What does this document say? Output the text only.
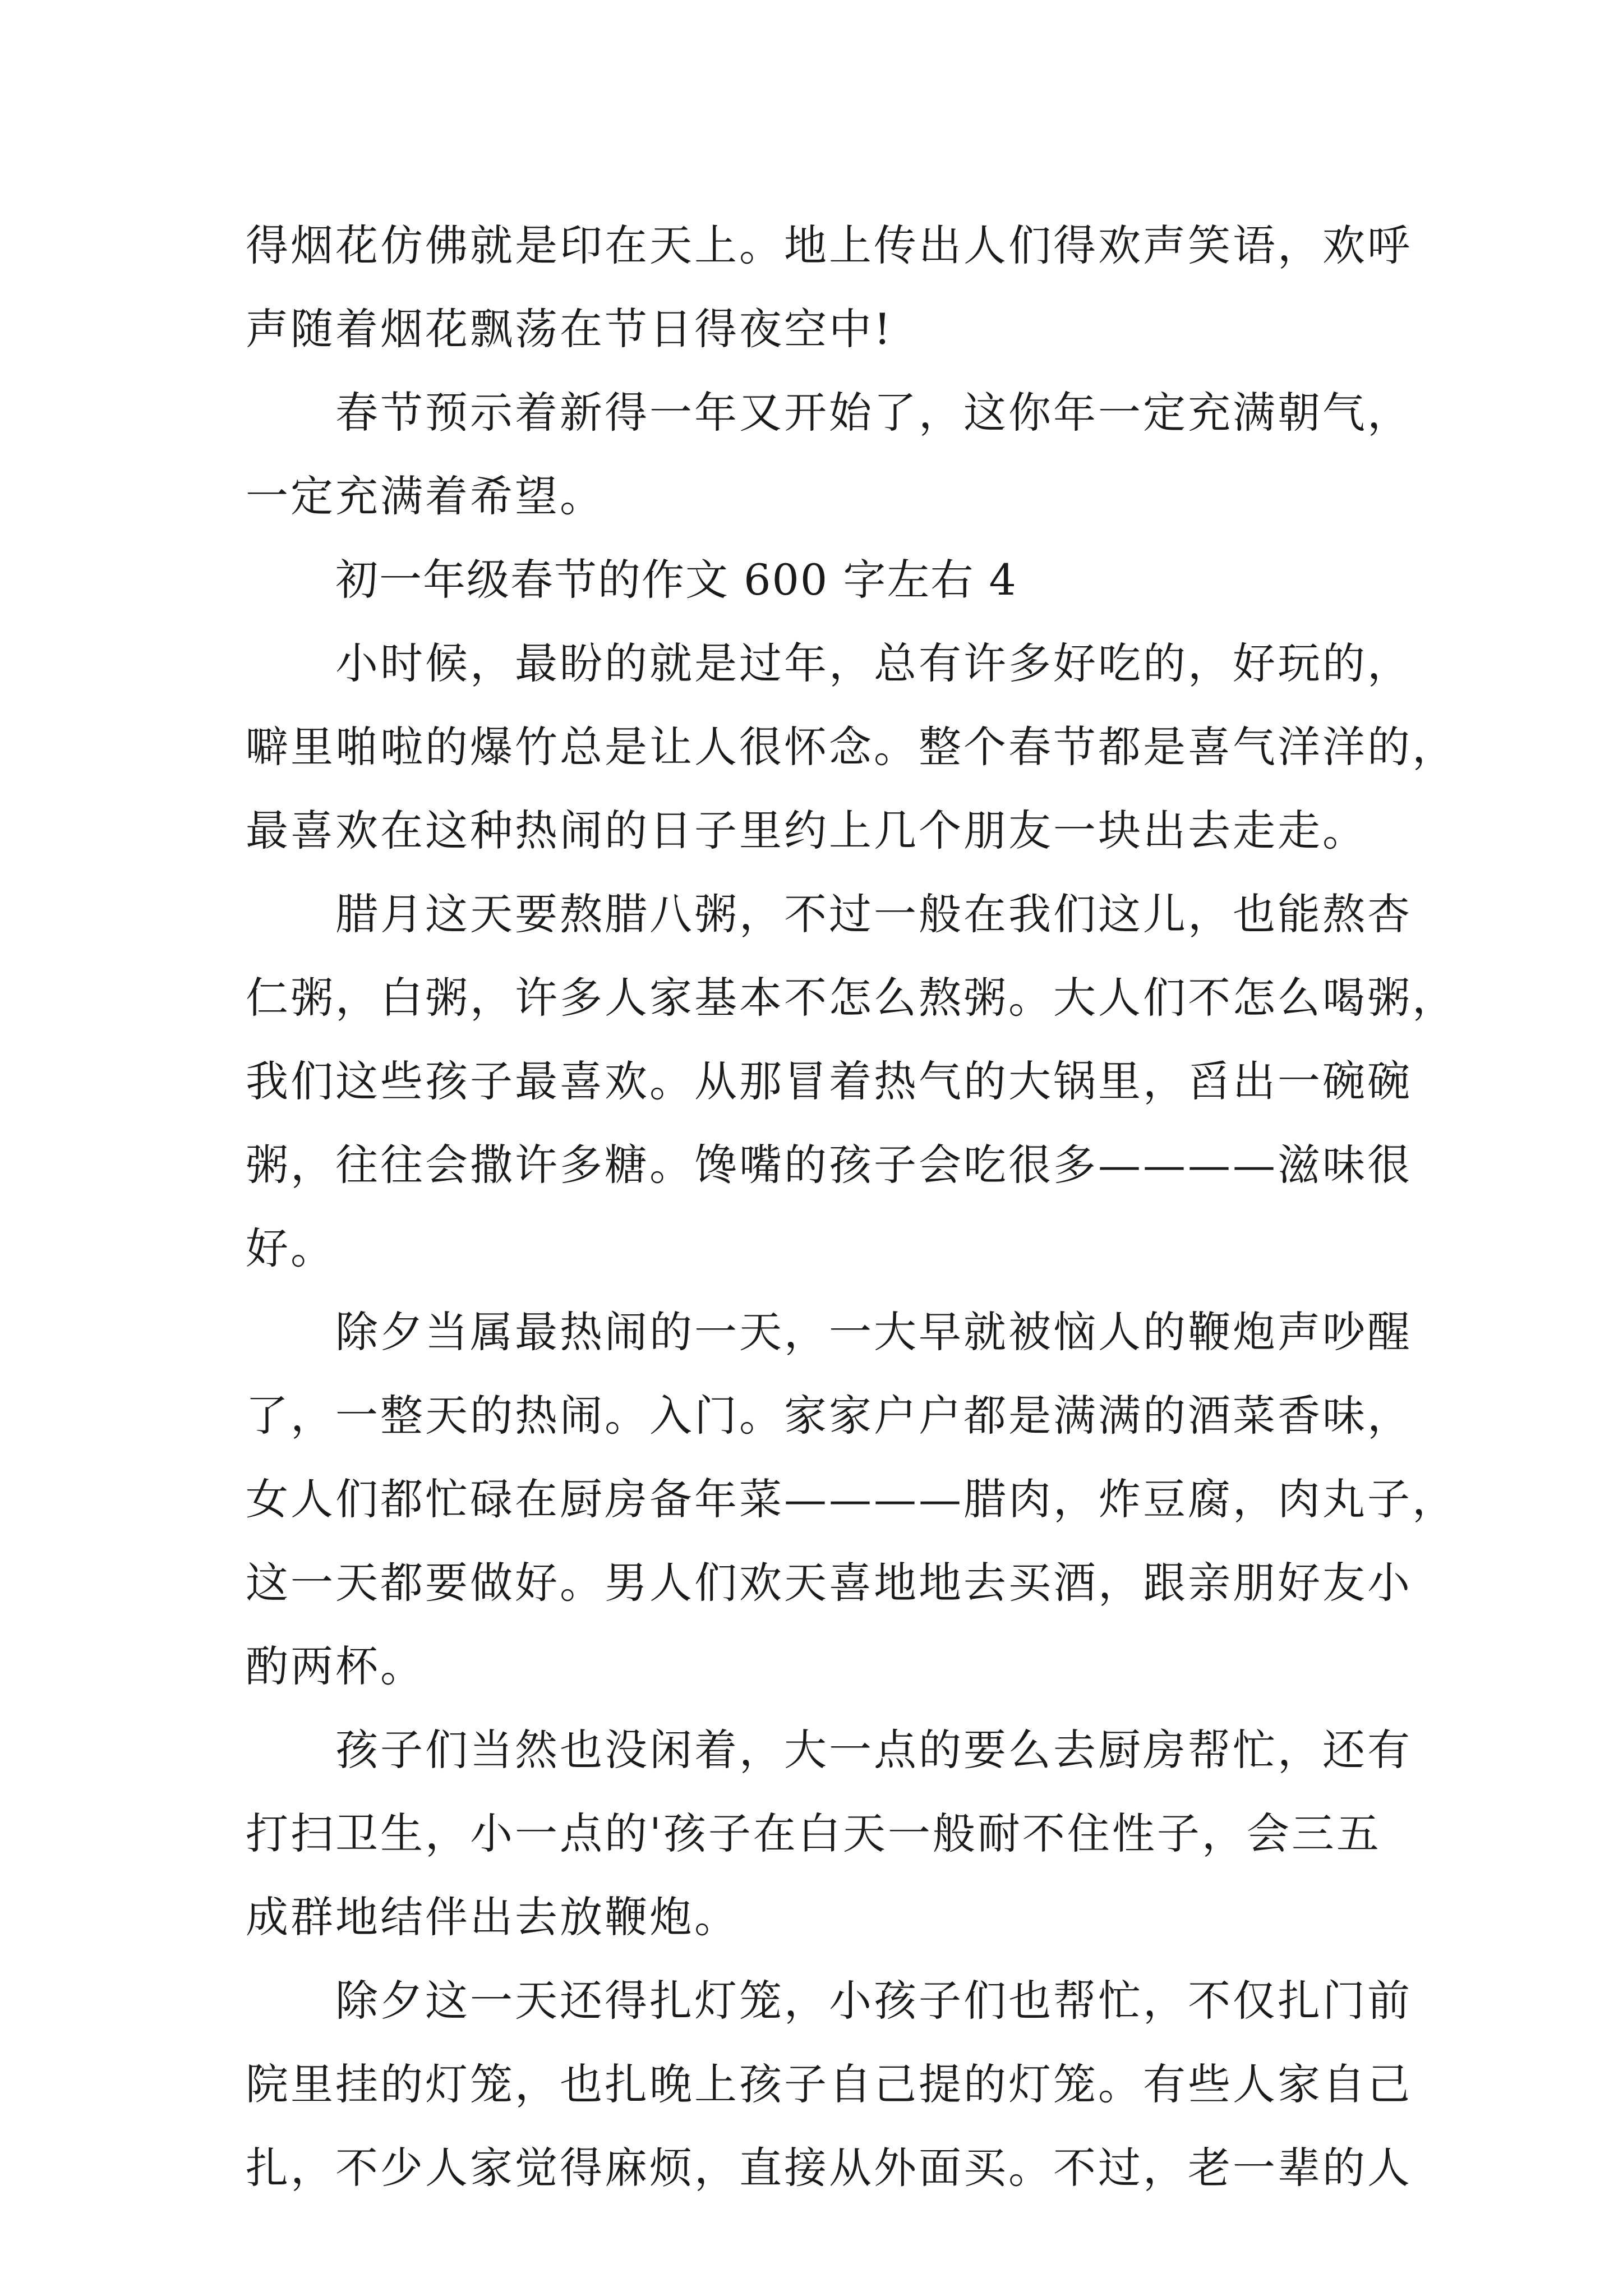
得烟花仿佛就是印在天上。地上传出人们得欢声笑语，欢呼
声随着烟花飘荡在节日得夜空中!
春节预示着新得一年又开始了，这你年一定充满朝气，
一定充满着希望。
初一年级春节的作文 600 字左右 4
小时候，最盼的就是过年，总有许多好吃的，好玩的，
噼里啪啦的爆竹总是让人很怀念。整个春节都是喜气洋洋的，
最喜欢在这种热闹的日子里约上几个朋友一块出去走走。
腊月这天要熬腊八粥，不过一般在我们这儿，也能熬杏
仁粥，白粥，许多人家基本不怎么熬粥。大人们不怎么喝粥，
我们这些孩子最喜欢。从那冒着热气的大锅里，舀出一碗碗
粥，往往会撒许多糖。馋嘴的孩子会吃很多————滋味很
好。
除夕当属最热闹的一天，一大早就被恼人的鞭炮声吵醒
了，一整天的热闹。入门。家家户户都是满满的酒菜香味，
女人们都忙碌在厨房备年菜————腊肉，炸豆腐，肉丸子，
这一天都要做好。男人们欢天喜地地去买酒，跟亲朋好友小
酌两杯。
孩子们当然也没闲着，大一点的要么去厨房帮忙，还有
打扫卫生，小一点的'孩子在白天一般耐不住性子，会三五
成群地结伴出去放鞭炮。
除夕这一天还得扎灯笼，小孩子们也帮忙，不仅扎门前
院里挂的灯笼，也扎晚上孩子自己提的灯笼。有些人家自己
扎，不少人家觉得麻烦，直接从外面买。不过，老一辈的人
